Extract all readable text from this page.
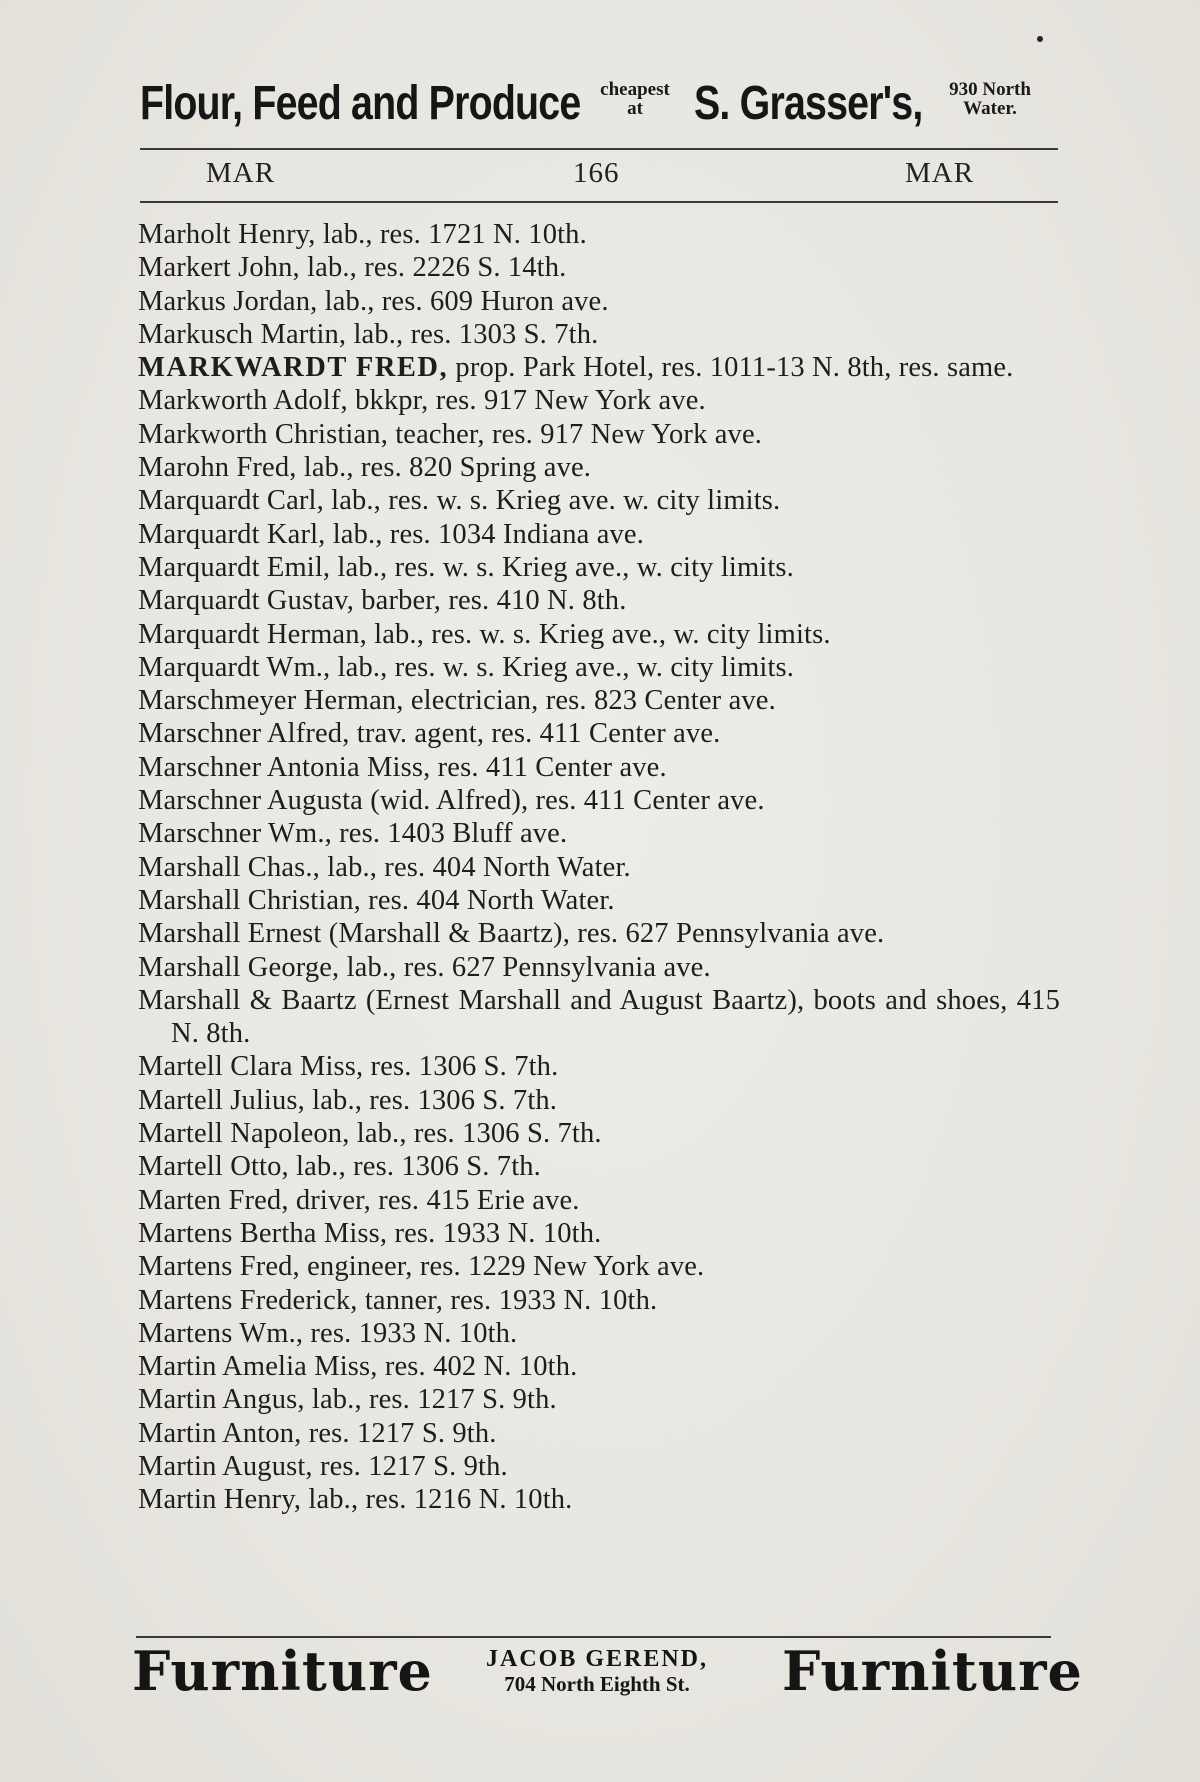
Flour, Feed and Produce	cheapest
at	S. Grasser's,	930 North
Water.
MAR	166	MAR
Marholt Henry, lab., res. 1721 N. 10th.
Markert John, lab., res. 2226 S. 14th.
Markus Jordan, lab., res. 609 Huron ave.
Markusch Martin, lab., res. 1303 S. 7th.
MARKWARDT FRED, prop. Park Hotel, res. 1011-13 N. 8th, res. same.
Markworth Adolf, bkkpr, res. 917 New York ave.
Markworth Christian, teacher, res. 917 New York ave.
Marohn Fred, lab., res. 820 Spring ave.
Marquardt Carl, lab., res. w. s. Krieg ave. w. city limits.
Marquardt Karl, lab., res. 1034 Indiana ave.
Marquardt Emil, lab., res. w. s. Krieg ave., w. city limits.
Marquardt Gustav, barber, res. 410 N. 8th.
Marquardt Herman, lab., res. w. s. Krieg ave., w. city limits.
Marquardt Wm., lab., res. w. s. Krieg ave., w. city limits.
Marschmeyer Herman, electrician, res. 823 Center ave.
Marschner Alfred, trav. agent, res. 411 Center ave.
Marschner Antonia Miss, res. 411 Center ave.
Marschner Augusta (wid. Alfred), res. 411 Center ave.
Marschner Wm., res. 1403 Bluff ave.
Marshall Chas., lab., res. 404 North Water.
Marshall Christian, res. 404 North Water.
Marshall Ernest (Marshall & Baartz), res. 627 Pennsylvania ave.
Marshall George, lab., res. 627 Pennsylvania ave.
Marshall & Baartz (Ernest Marshall and August Baartz), boots and shoes, 415 N. 8th.
Martell Clara Miss, res. 1306 S. 7th.
Martell Julius, lab., res. 1306 S. 7th.
Martell Napoleon, lab., res. 1306 S. 7th.
Martell Otto, lab., res. 1306 S. 7th.
Marten Fred, driver, res. 415 Erie ave.
Martens Bertha Miss, res. 1933 N. 10th.
Martens Fred, engineer, res. 1229 New York ave.
Martens Frederick, tanner, res. 1933 N. 10th.
Martens Wm., res. 1933 N. 10th.
Martin Amelia Miss, res. 402 N. 10th.
Martin Angus, lab., res. 1217 S. 9th.
Martin Anton, res. 1217 S. 9th.
Martin August, res. 1217 S. 9th.
Martin Henry, lab., res. 1216 N. 10th.
Furniture	JACOB GEREND,
704 North Eighth St.	Furniture
